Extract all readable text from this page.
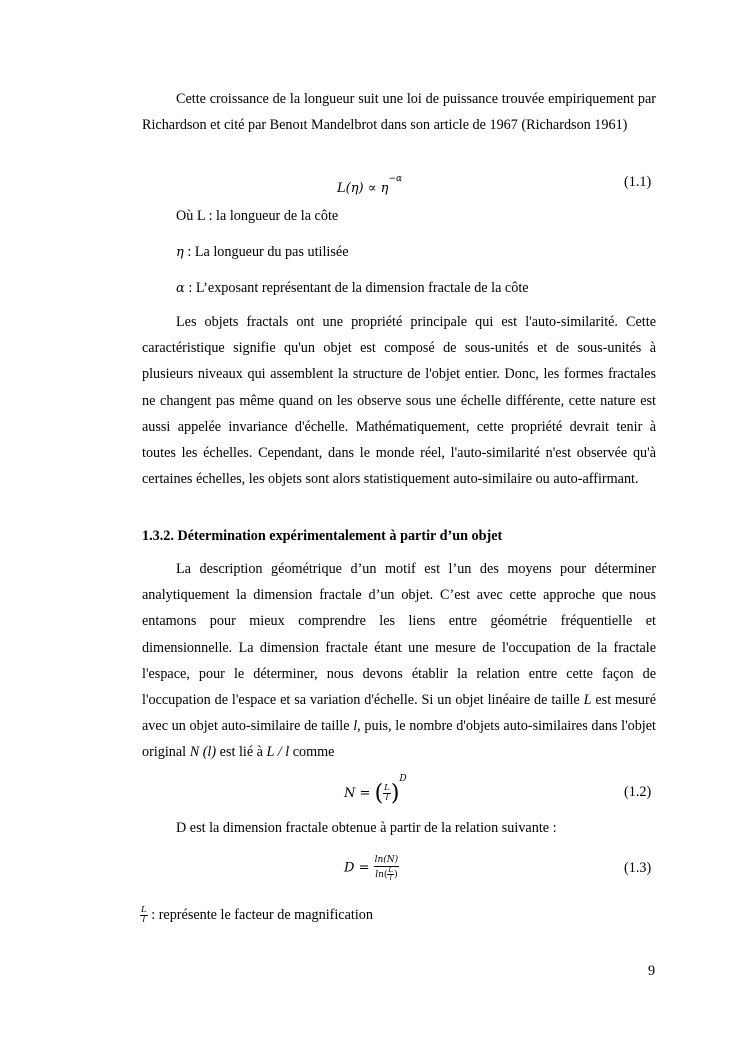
Cette croissance de la longueur suit une loi de puissance trouvée empiriquement par Richardson et cité par Benoıt Mandelbrot dans son article de 1967 (Richardson 1961)

$L(\eta) \propto \eta^{-\alpha}$	(1.1)
Où L : la longueur de la côte
η : La longueur du pas utilisée
α : L’exposant représentant de la dimension fractale de la côte

Les objets fractals ont une propriété principale qui est l'auto-similarité. Cette caractéristique signifie qu'un objet est composé de sous-unités et de sous-unités à plusieurs niveaux qui assemblent la structure de l'objet entier. Donc, les formes fractales ne changent pas même quand on les observe sous une échelle différente, cette nature est aussi appelée invariance d'échelle. Mathématiquement, cette propriété devrait tenir à toutes les échelles. Cependant, dans le monde réel, l'auto-similarité n'est observée qu'à certaines échelles, les objets sont alors statistiquement auto-similaire ou auto-affirmant.

1.3.2. Détermination expérimentalement à partir d’un objet

La description géométrique d’un motif est l’un des moyens pour déterminer analytiquement la dimension fractale d’un objet. C’est avec cette approche que nous entamons pour mieux comprendre les liens entre géométrie fréquentielle et dimensionnelle. La dimension fractale étant une mesure de l'occupation de la fractale l'espace, pour le déterminer, nous devons établir la relation entre cette façon de l'occupation de l'espace et sa variation d'échelle. Si un objet linéaire de taille L est mesuré avec un objet auto-similaire de taille l, puis, le nombre d'objets auto-similaires dans l'objet original N (l) est lié à L / l comme

N = ( $\frac{L}{l} )^D$
(1.2)
D est la dimension fractale obtenue à partir de la relation suivante :
$D = \frac{\ln(N)}{\ln( \frac{L}{l} )}$	(1.3)
$\frac{L}{l}$ : représente le facteur de magnification
9
